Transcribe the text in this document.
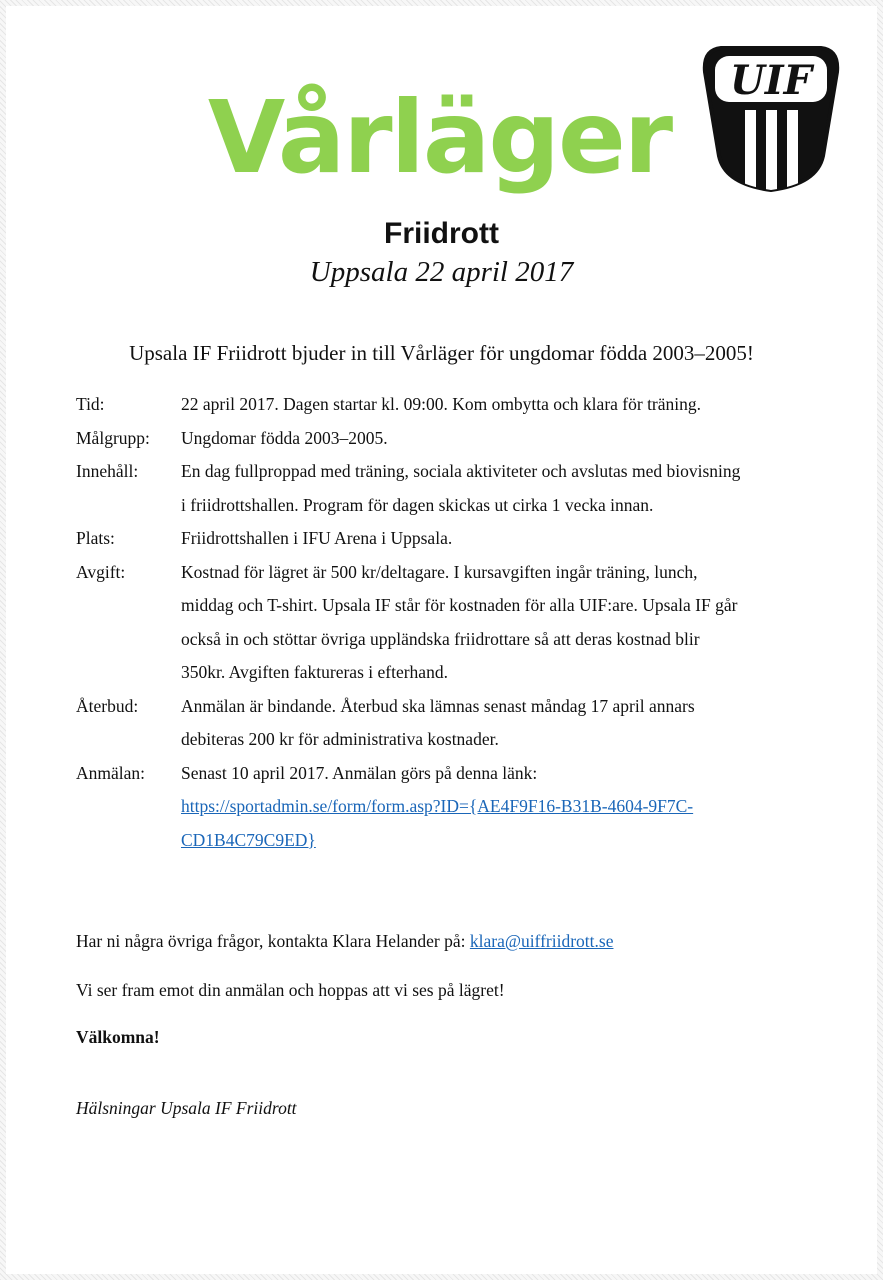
Vårläger	UIF
Friidrott
Uppsala 22 april 2017
Upsala IF Friidrott bjuder in till Vårläger för ungdomar födda 2003–2005!
Tid:	22 april 2017. Dagen startar kl. 09:00. Kom ombytta och klara för träning.
Målgrupp:	Ungdomar födda 2003–2005.
Innehåll:	En dag fullproppad med träning, sociala aktiviteter och avslutas med biovisning
i friidrottshallen. Program för dagen skickas ut cirka 1 vecka innan.
Plats:	Friidrottshallen i IFU Arena i Uppsala.
Avgift:	Kostnad för lägret är 500 kr/deltagare. I kursavgiften ingår träning, lunch,
middag och T-shirt. Upsala IF står för kostnaden för alla UIF:are. Upsala IF går
också in och stöttar övriga uppländska friidrottare så att deras kostnad blir
350kr. Avgiften faktureras i efterhand.
Återbud:	Anmälan är bindande. Återbud ska lämnas senast måndag 17 april annars
debiteras 200 kr för administrativa kostnader.
Anmälan:	Senast 10 april 2017. Anmälan görs på denna länk:
https://sportadmin.se/form/form.asp?ID={AE4F9F16-B31B-4604-9F7C-
CD1B4C79C9ED}
Har ni några övriga frågor, kontakta Klara Helander på: klara@uiffriidrott.se
Vi ser fram emot din anmälan och hoppas att vi ses på lägret!
Välkomna!
Hälsningar Upsala IF Friidrott
